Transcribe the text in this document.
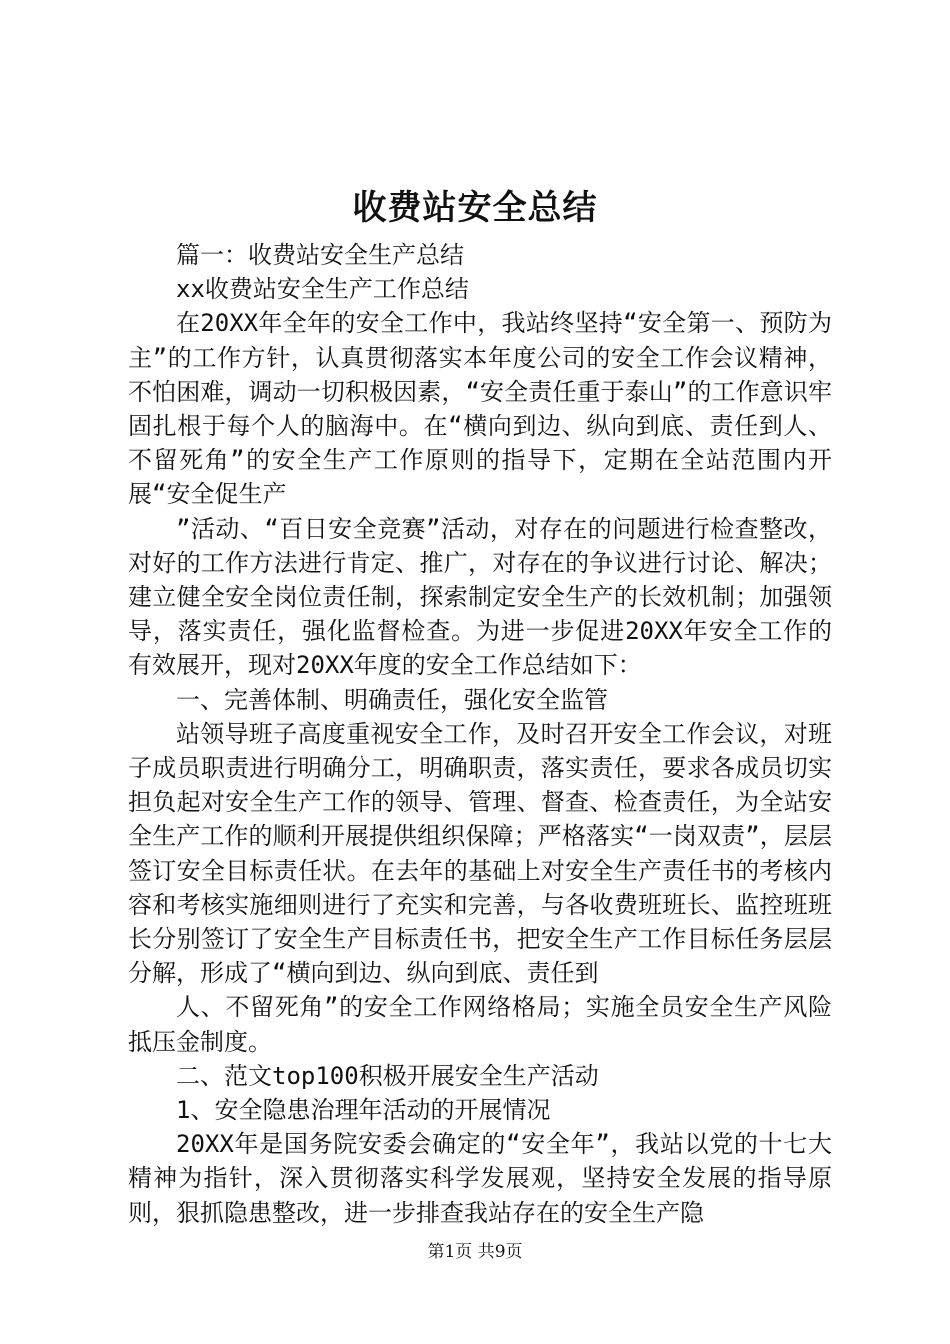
收费站安全总结

篇一：收费站安全生产总结

xx收费站安全生产工作总结

在20XX年全年的安全工作中，我站终坚持“安全第一、预防为主”的工作方针，认真贯彻落实本年度公司的安全工作会议精神，不怕困难，调动一切积极因素，“安全责任重于泰山”的工作意识牢固扎根于每个人的脑海中。在“横向到边、纵向到底、责任到人、不留死角”的安全生产工作原则的指导下，定期在全站范围内开展“安全促生产

”活动、“百日安全竞赛”活动，对存在的问题进行检查整改，对好的工作方法进行肯定、推广，对存在的争议进行讨论、解决；建立健全安全岗位责任制，探索制定安全生产的长效机制；加强领导，落实责任，强化监督检查。为进一步促进20XX年安全工作的有效展开，现对20XX年度的安全工作总结如下：

一、完善体制、明确责任，强化安全监管

站领导班子高度重视安全工作，及时召开安全工作会议，对班子成员职责进行明确分工，明确职责，落实责任，要求各成员切实担负起对安全生产工作的领导、管理、督查、检查责任，为全站安全生产工作的顺利开展提供组织保障；严格落实“一岗双责”，层层签订安全目标责任状。在去年的基础上对安全生产责任书的考核内容和考核实施细则进行了充实和完善，与各收费班班长、监控班班长分别签订了安全生产目标责任书，把安全生产工作目标任务层层分解，形成了“横向到边、纵向到底、责任到

人、不留死角”的安全工作网络格局；实施全员安全生产风险抵压金制度。

二、范文top100积极开展安全生产活动

1、安全隐患治理年活动的开展情况

20XX年是国务院安委会确定的“安全年”，我站以党的十七大精神为指针，深入贯彻落实科学发展观，坚持安全发展的指导原则，狠抓隐患整改，进一步排查我站存在的安全生产隐

第1页 共9页
